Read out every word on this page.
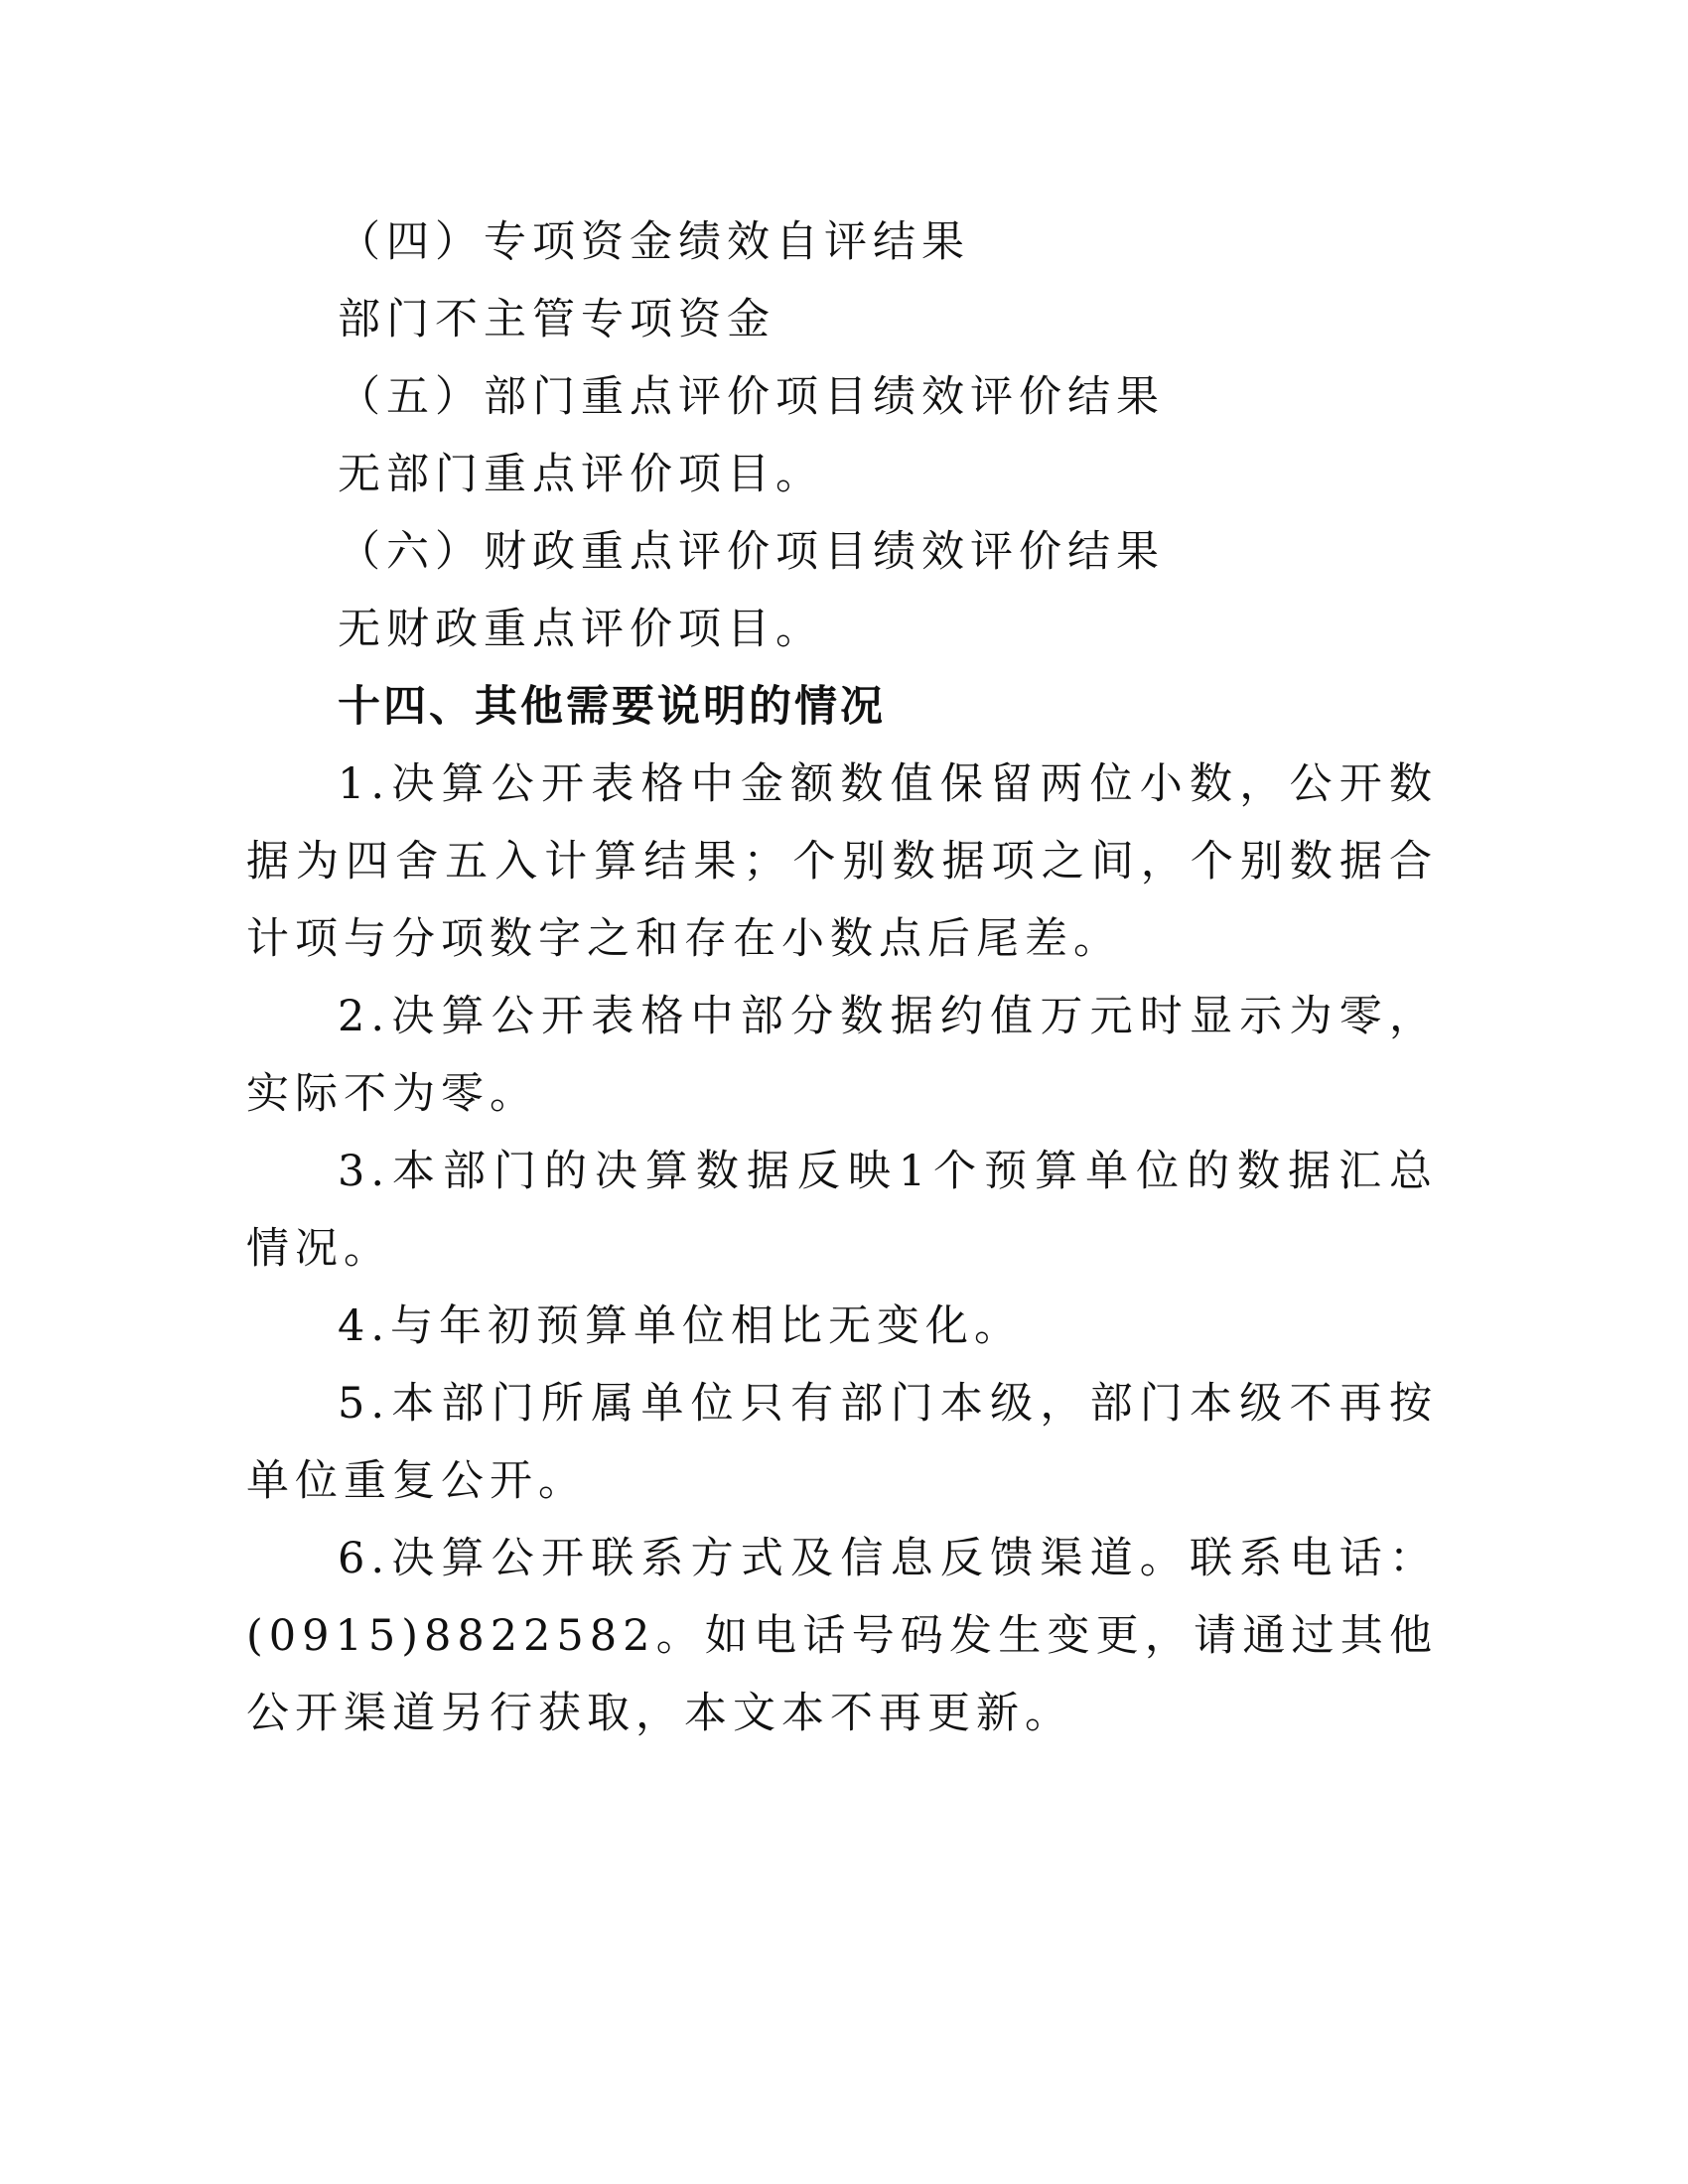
（四）专项资金绩效自评结果

部门不主管专项资金

（五）部门重点评价项目绩效评价结果

无部门重点评价项目。

（六）财政重点评价项目绩效评价结果

无财政重点评价项目。

十四、其他需要说明的情况

1.决算公开表格中金额数值保留两位小数，公开数据为四舍五入计算结果；个别数据项之间，个别数据合计项与分项数字之和存在小数点后尾差。

2.决算公开表格中部分数据约值万元时显示为零，实际不为零。

3.本部门的决算数据反映1个预算单位的数据汇总情况。

4.与年初预算单位相比无变化。

5.本部门所属单位只有部门本级，部门本级不再按单位重复公开。

6.决算公开联系方式及信息反馈渠道。联系电话：(0915)8822582。如电话号码发生变更，请通过其他公开渠道另行获取，本文本不再更新。
